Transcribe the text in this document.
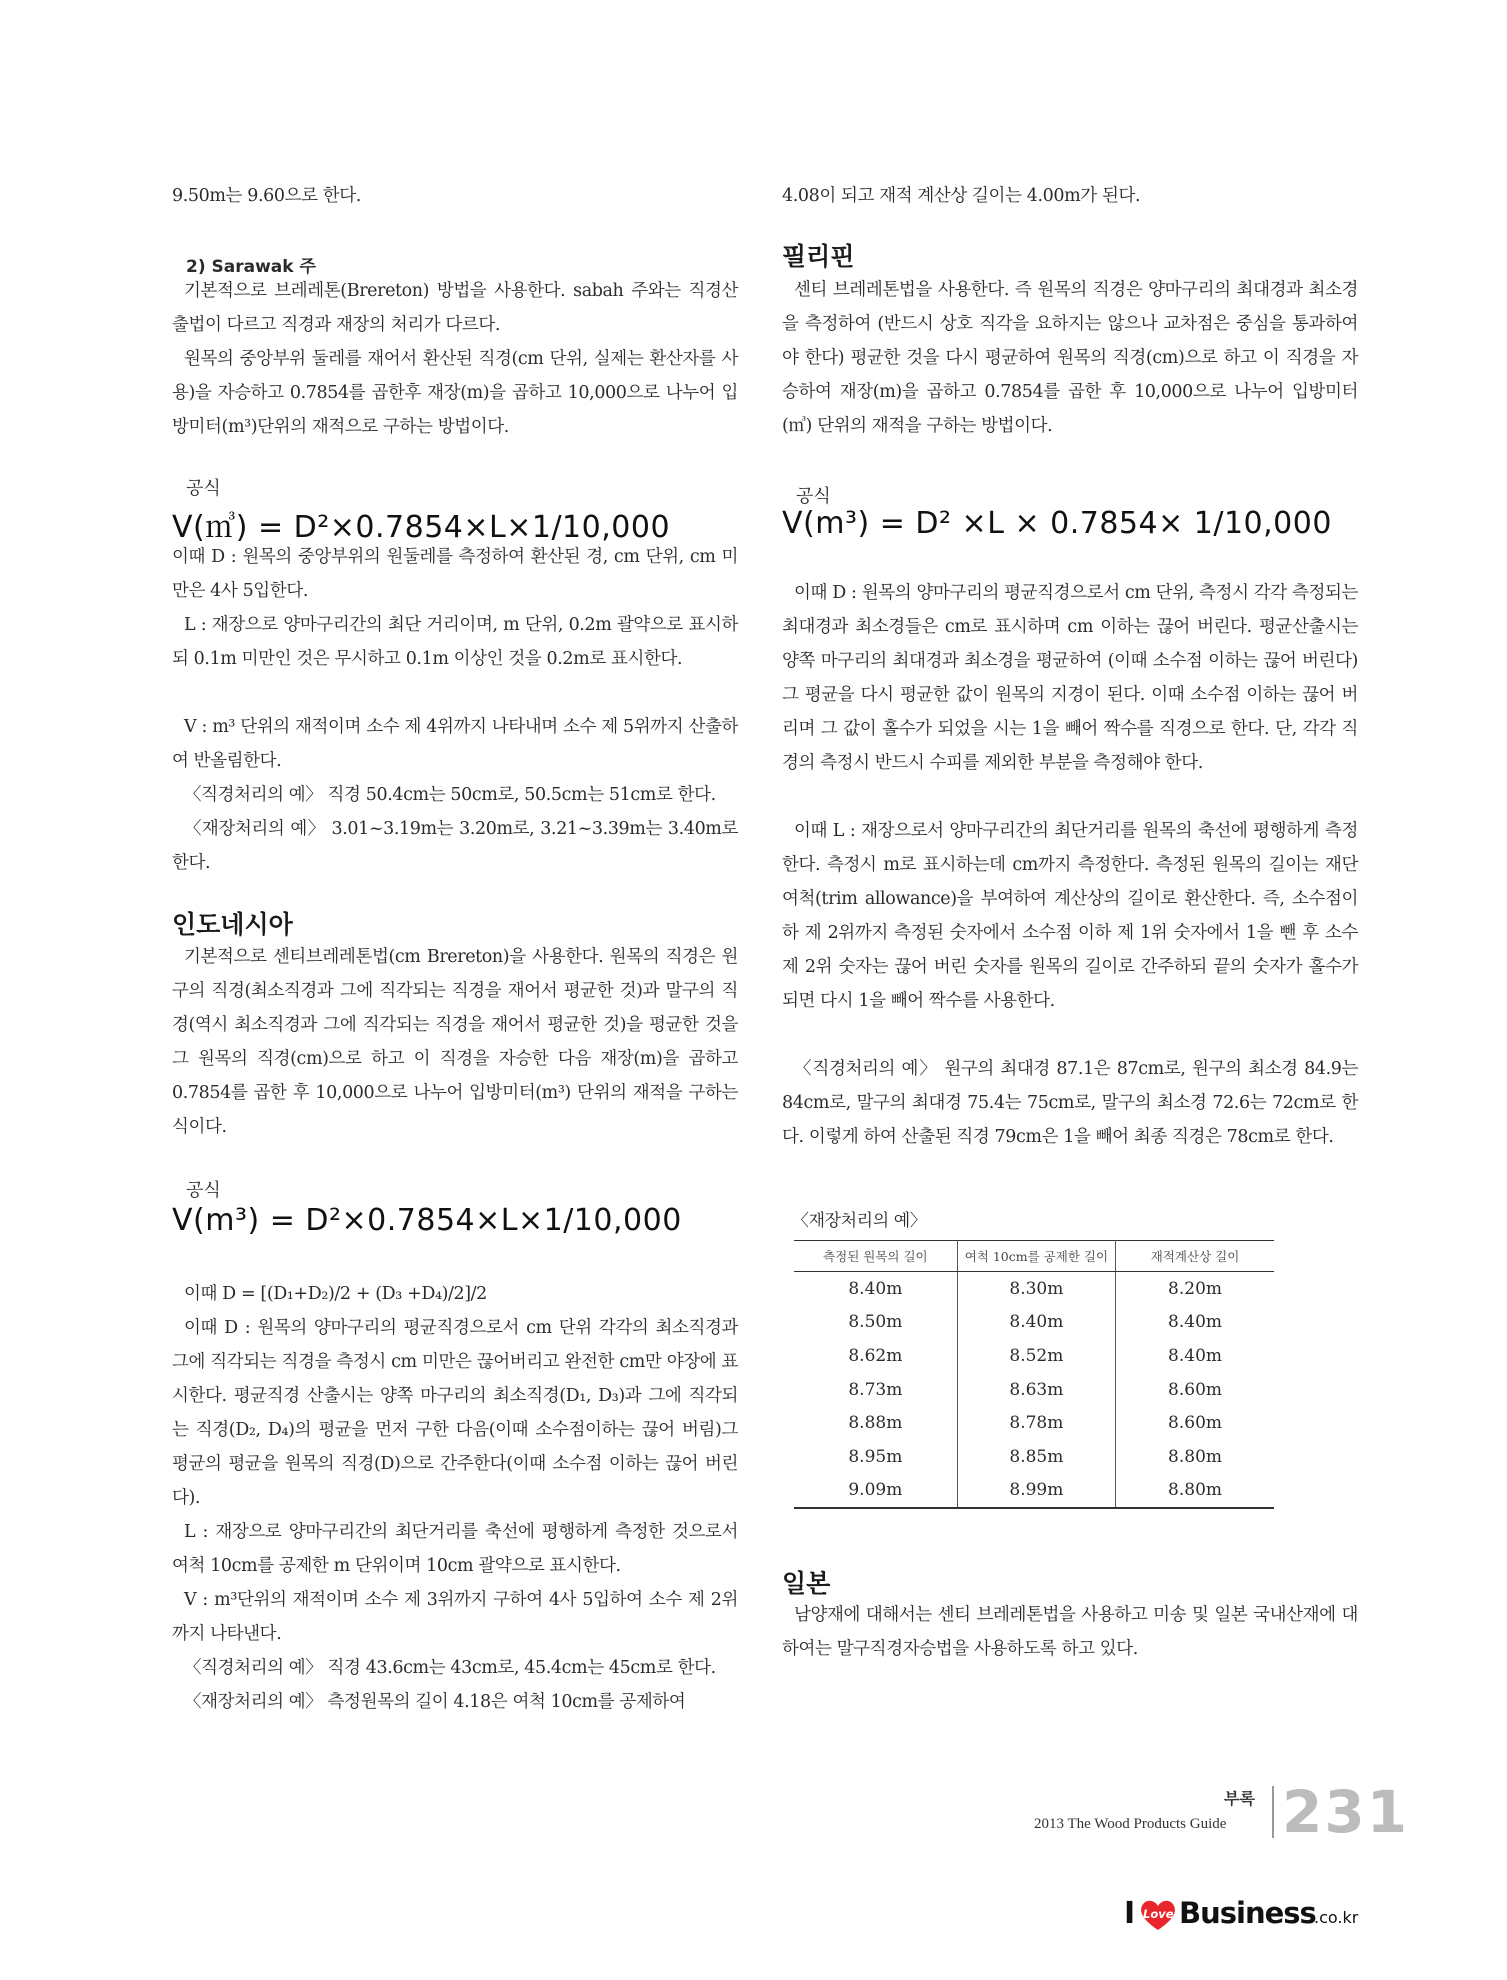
9.50m는 9.60으로 한다.
2) Sarawak 주
기본적으로 브레레톤(Brereton) 방법을 사용한다. sabah 주와는 직경산출법이 다르고 직경과 재장의 처리가 다르다.
원목의 중앙부위 둘레를 재어서 환산된 직경(cm 단위, 실제는 환산자를 사용)을 자승하고 0.7854를 곱한후 재장(m)을 곱하고 10,000으로 나누어 입방미터(m³)단위의 재적으로 구하는 방법이다.
공식
V(㎥) = D²×0.7854×L×1/10,000
이때 D : 원목의 중앙부위의 원둘레를 측정하여 환산된 경, cm 단위, cm 미만은 4사 5입한다.
L : 재장으로 양마구리간의 최단 거리이며, m 단위, 0.2m 괄약으로 표시하되 0.1m 미만인 것은 무시하고 0.1m 이상인 것을 0.2m로 표시한다.
V : m³ 단위의 재적이며 소수 제 4위까지 나타내며 소수 제 5위까지 산출하여 반올림한다.
〈직경처리의 예〉 직경 50.4cm는 50cm로, 50.5cm는 51cm로 한다.
〈재장처리의 예〉 3.01~3.19m는 3.20m로, 3.21~3.39m는 3.40m로 한다.
인도네시아
기본적으로 센티브레레톤법(cm Brereton)을 사용한다. 원목의 직경은 원구의 직경(최소직경과 그에 직각되는 직경을 재어서 평균한 것)과 말구의 직경(역시 최소직경과 그에 직각되는 직경을 재어서 평균한 것)을 평균한 것을 그 원목의 직경(cm)으로 하고 이 직경을 자승한 다음 재장(m)을 곱하고 0.7854를 곱한 후 10,000으로 나누어 입방미터(m³) 단위의 재적을 구하는 식이다.
공식
V(m³) = D²×0.7854×L×1/10,000
이때 D = [(D₁+D₂)/2 + (D₃ +D₄)/2]/2
이때 D : 원목의 양마구리의 평균직경으로서 cm 단위 각각의 최소직경과 그에 직각되는 직경을 측정시 cm 미만은 끊어버리고 완전한 cm만 야장에 표시한다. 평균직경 산출시는 양쪽 마구리의 최소직경(D₁, D₃)과 그에 직각되는 직경(D₂, D₄)의 평균을 먼저 구한 다음(이때 소수점이하는 끊어 버림)그 평균의 평균을 원목의 직경(D)으로 간주한다(이때 소수점 이하는 끊어 버린다).
L : 재장으로 양마구리간의 최단거리를 축선에 평행하게 측정한 것으로서 여척 10cm를 공제한 m 단위이며 10cm 괄약으로 표시한다.
V : m³단위의 재적이며 소수 제 3위까지 구하여 4사 5입하여 소수 제 2위까지 나타낸다.
〈직경처리의 예〉 직경 43.6cm는 43cm로, 45.4cm는 45cm로 한다.
〈재장처리의 예〉 측정원목의 길이 4.18은 여척 10cm를 공제하여
4.08이 되고 재적 계산상 길이는 4.00m가 된다.
필리핀
센티 브레레톤법을 사용한다. 즉 원목의 직경은 양마구리의 최대경과 최소경을 측정하여 (반드시 상호 직각을 요하지는 않으나 교차점은 중심을 통과하여야 한다) 평균한 것을 다시 평균하여 원목의 직경(cm)으로 하고 이 직경을 자승하여 재장(m)을 곱하고 0.7854를 곱한 후 10,000으로 나누어 입방미터(㎥) 단위의 재적을 구하는 방법이다.
공식
V(m³) = D² ×L × 0.7854× 1/10,000
이때 D : 원목의 양마구리의 평균직경으로서 cm 단위, 측정시 각각 측정되는 최대경과 최소경들은 cm로 표시하며 cm 이하는 끊어 버린다. 평균산출시는 양쪽 마구리의 최대경과 최소경을 평균하여 (이때 소수점 이하는 끊어 버린다) 그 평균을 다시 평균한 값이 원목의 지경이 된다. 이때 소수점 이하는 끊어 버리며 그 값이 홀수가 되었을 시는 1을 빼어 짝수를 직경으로 한다. 단, 각각 직경의 측정시 반드시 수피를 제외한 부분을 측정해야 한다.
이때 L : 재장으로서 양마구리간의 최단거리를 원목의 축선에 평행하게 측정한다. 측정시 m로 표시하는데 cm까지 측정한다. 측정된 원목의 길이는 재단여척(trim allowance)을 부여하여 계산상의 길이로 환산한다. 즉, 소수점이하 제 2위까지 측정된 숫자에서 소수점 이하 제 1위 숫자에서 1을 뺀 후 소수 제 2위 숫자는 끊어 버린 숫자를 원목의 길이로 간주하되 끝의 숫자가 홀수가 되면 다시 1을 빼어 짝수를 사용한다.
〈직경처리의 예〉 원구의 최대경 87.1은 87cm로, 원구의 최소경 84.9는 84cm로, 말구의 최대경 75.4는 75cm로, 말구의 최소경 72.6는 72cm로 한다. 이렇게 하여 산출된 직경 79cm은 1을 빼어 최종 직경은 78cm로 한다.
〈재장처리의 예〉
측정된 원목의 길이	여척 10cm를 공제한 길이	재적계산상 길이
8.40m	8.30m	8.20m
8.50m	8.40m	8.40m
8.62m	8.52m	8.40m
8.73m	8.63m	8.60m
8.88m	8.78m	8.60m
8.95m	8.85m	8.80m
9.09m	8.99m	8.80m
일본
남양재에 대해서는 센티 브레레톤법을 사용하고 미송 및 일본 국내산재에 대하여는 말구직경자승법을 사용하도록 하고 있다.
부록
2013 The Wood Products Guide 231
I Love Business
.co.kr
